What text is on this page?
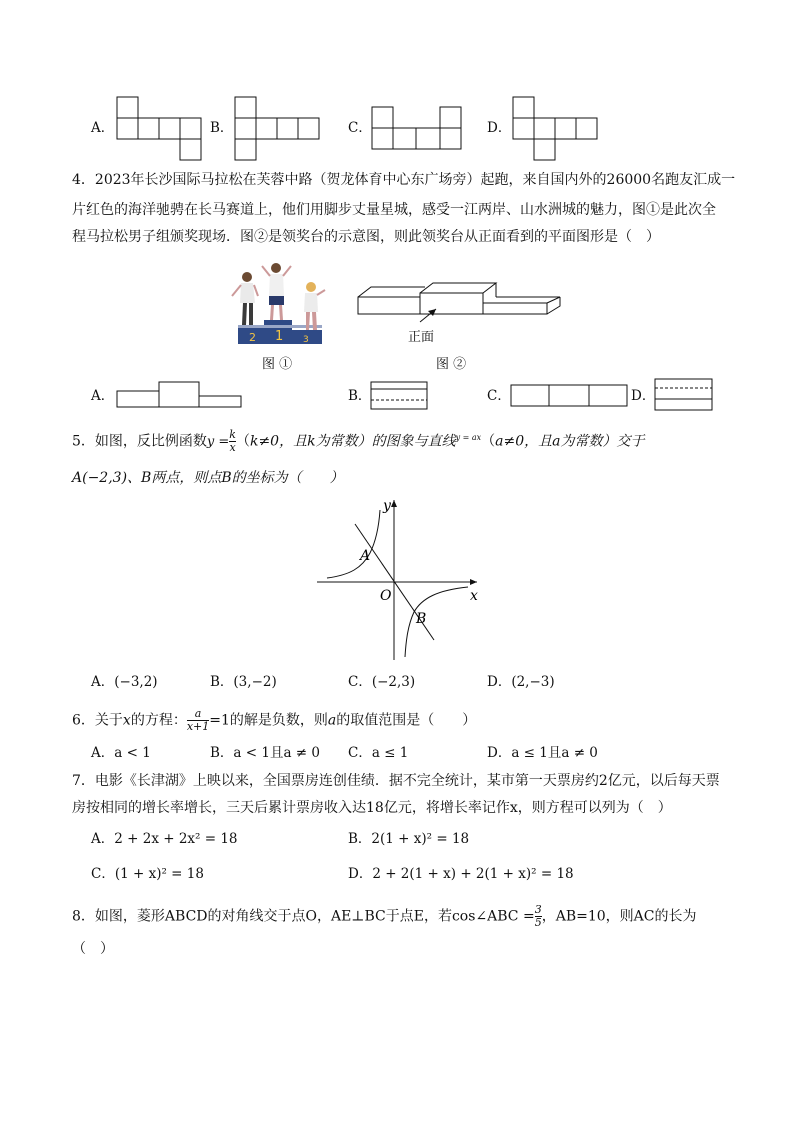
A．	B．	C．	D．
4．2023年长沙国际马拉松在芙蓉中路（贺龙体育中心东广场旁）起跑，来自国内外的26000名跑友汇成一
片红色的海洋驰骋在长马赛道上，他们用脚步丈量星城，感受一江两岸、山水洲城的魅力，图①是此次全
程马拉松男子组颁奖现场．图②是领奖台的示意图，则此领奖台从正面看到的平面图形是（　）
2 1 3
图 ①
正面
图 ②
A．	B．	C．	D．
5．如图，反比例函数$y = \frac{k}{x} (k\ne 0$，且k为常数）的图象与直线$^{y = ax}$（a≠0，且a为常数）交于
A(−2,3)、B两点，则点B的坐标为（　　）
y
x
O
A
B
A．(−3,2)	B．(3,−2)	C．(−2,3)	D．(2,−3)
6．关于x的方程： $\frac{a}{x+1} =1$的解是负数，则a的取值范围是（　　）
A．a < 1	B．a < 1且a ≠ 0 C．a ≤ 1	D．a ≤ 1且a ≠ 0
7．电影《长津湖》上映以来，全国票房连创佳绩．据不完全统计，某市第一天票房约2亿元，以后每天票
房按相同的增长率增长，三天后累计票房收入达18亿元，将增长率记作x，则方程可以列为（　）
A．2 + 2x + 2x² = 18	B．2(1 + x)² = 18
C．(1 + x)² = 18	D．2 + 2(1 + x) + 2(1 + x)² = 18
8．如图，菱形ABCD的对角线交于点O，AE⊥BC于点E，若cos∠ABC = $\frac{3}{5}$ ，AB=10，则AC的长为
（　）
